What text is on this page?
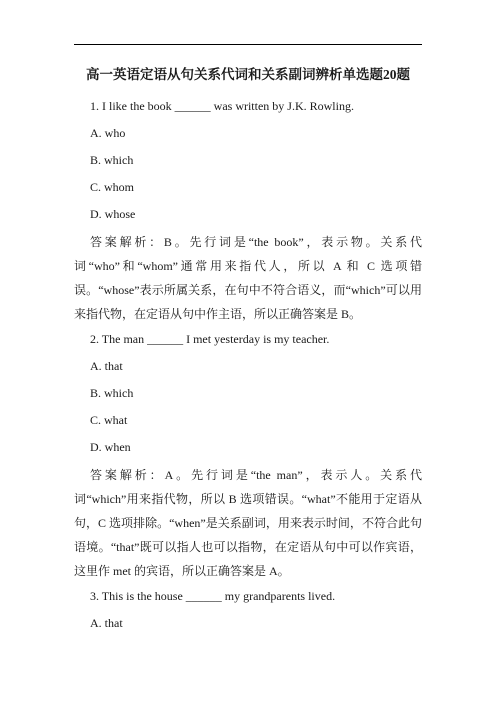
高一英语定语从句关系代词和关系副词辨析单选题20题

1. I like the book ______ was written by J.K. Rowling.

A. who

B. which

C. whom

D. whose

答案解析：B。先行词是“the book”，表示物。关系代词“who”和“whom”通常用来指代人，所以 A 和 C 选项错误。“whose”表示所属关系，在句中不符合语义，而“which”可以用来指代物，在定语从句中作主语，所以正确答案是 B。

2. The man ______ I met yesterday is my teacher.

A. that

B. which

C. what

D. when

答案解析：A。先行词是“the man”，表示人。关系代词“which”用来指代物，所以 B 选项错误。“what”不能用于定语从句，C 选项排除。“when”是关系副词，用来表示时间，不符合此句语境。“that”既可以指人也可以指物，在定语从句中可以作宾语，这里作 met 的宾语，所以正确答案是 A。

3. This is the house ______ my grandparents lived.

A. that
